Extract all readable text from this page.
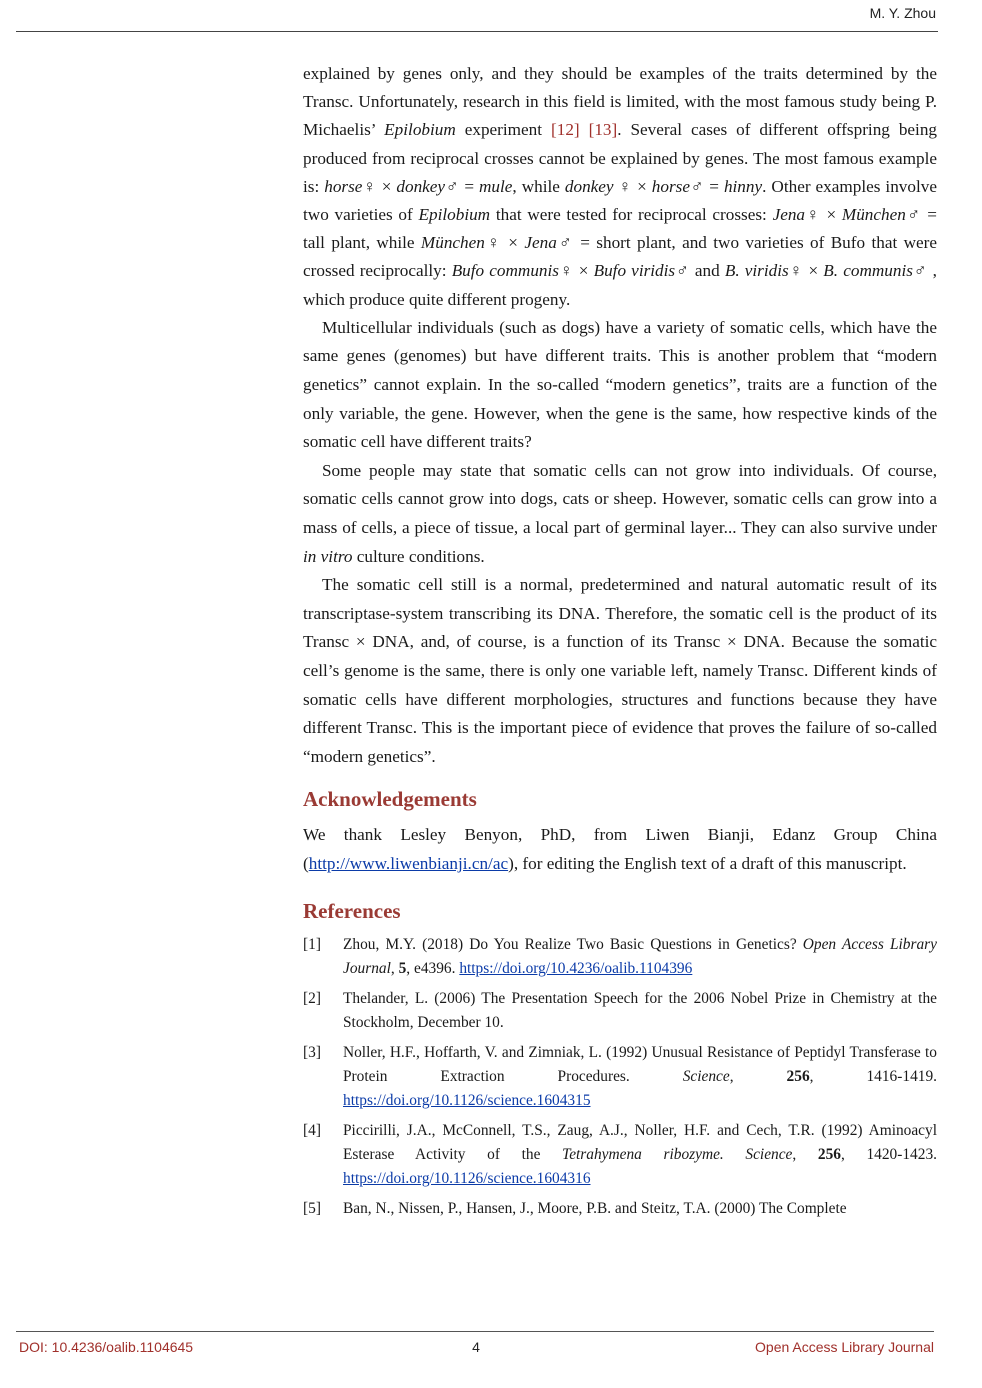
M. Y. Zhou

explained by genes only, and they should be examples of the traits determined by the Transc. Unfortunately, research in this field is limited, with the most famous study being P. Michaelis’ Epilobium experiment [12] [13]. Several cases of different offspring being produced from reciprocal crosses cannot be explained by genes. The most famous example is: horse♀ × donkey♂ = mule, while donkey ♀ × horse♂ = hinny. Other examples involve two varieties of Epilobium that were tested for reciprocal crosses: Jena♀ × München♂ = tall plant, while München♀ × Jena♂ = short plant, and two varieties of Bufo that were crossed reciprocally: Bufo communis♀ × Bufo viridis♂ and B. viridis♀ × B. communis♂ , which produce quite different progeny.

Multicellular individuals (such as dogs) have a variety of somatic cells, which have the same genes (genomes) but have different traits. This is another problem that “modern genetics” cannot explain. In the so-called “modern genetics”, traits are a function of the only variable, the gene. However, when the gene is the same, how respective kinds of the somatic cell have different traits?

Some people may state that somatic cells can not grow into individuals. Of course, somatic cells cannot grow into dogs, cats or sheep. However, somatic cells can grow into a mass of cells, a piece of tissue, a local part of germinal layer... They can also survive under in vitro culture conditions.

The somatic cell still is a normal, predetermined and natural automatic result of its transcriptase-system transcribing its DNA. Therefore, the somatic cell is the product of its Transc × DNA, and, of course, is a function of its Transc × DNA. Because the somatic cell’s genome is the same, there is only one variable left, namely Transc. Different kinds of somatic cells have different morphologies, structures and functions because they have different Transc. This is the important piece of evidence that proves the failure of so-called “modern genetics”.

Acknowledgements

We thank Lesley Benyon, PhD, from Liwen Bianji, Edanz Group China (http://www.liwenbianji.cn/ac), for editing the English text of a draft of this manuscript.

References
[1]	Zhou, M.Y. (2018) Do You Realize Two Basic Questions in Genetics? Open Access Library Journal, 5, e4396. https://doi.org/10.4236/oalib.1104396
[2]	Thelander, L. (2006) The Presentation Speech for the 2006 Nobel Prize in Chemistry at the Stockholm, December 10.
[3]	Noller, H.F., Hoffarth, V. and Zimniak, L. (1992) Unusual Resistance of Peptidyl Transferase to Protein Extraction Procedures. Science, 256, 1416-1419. https://doi.org/10.1126/science.1604315
[4]	Piccirilli, J.A., McConnell, T.S., Zaug, A.J., Noller, H.F. and Cech, T.R. (1992) Aminoacyl Esterase Activity of the Tetrahymena ribozyme. Science, 256, 1420-1423. https://doi.org/10.1126/science.1604316
[5]	Ban, N., Nissen, P., Hansen, J., Moore, P.B. and Steitz, T.A. (2000) The Complete
DOI: 10.4236/oalib.1104645	4	Open Access Library Journal
